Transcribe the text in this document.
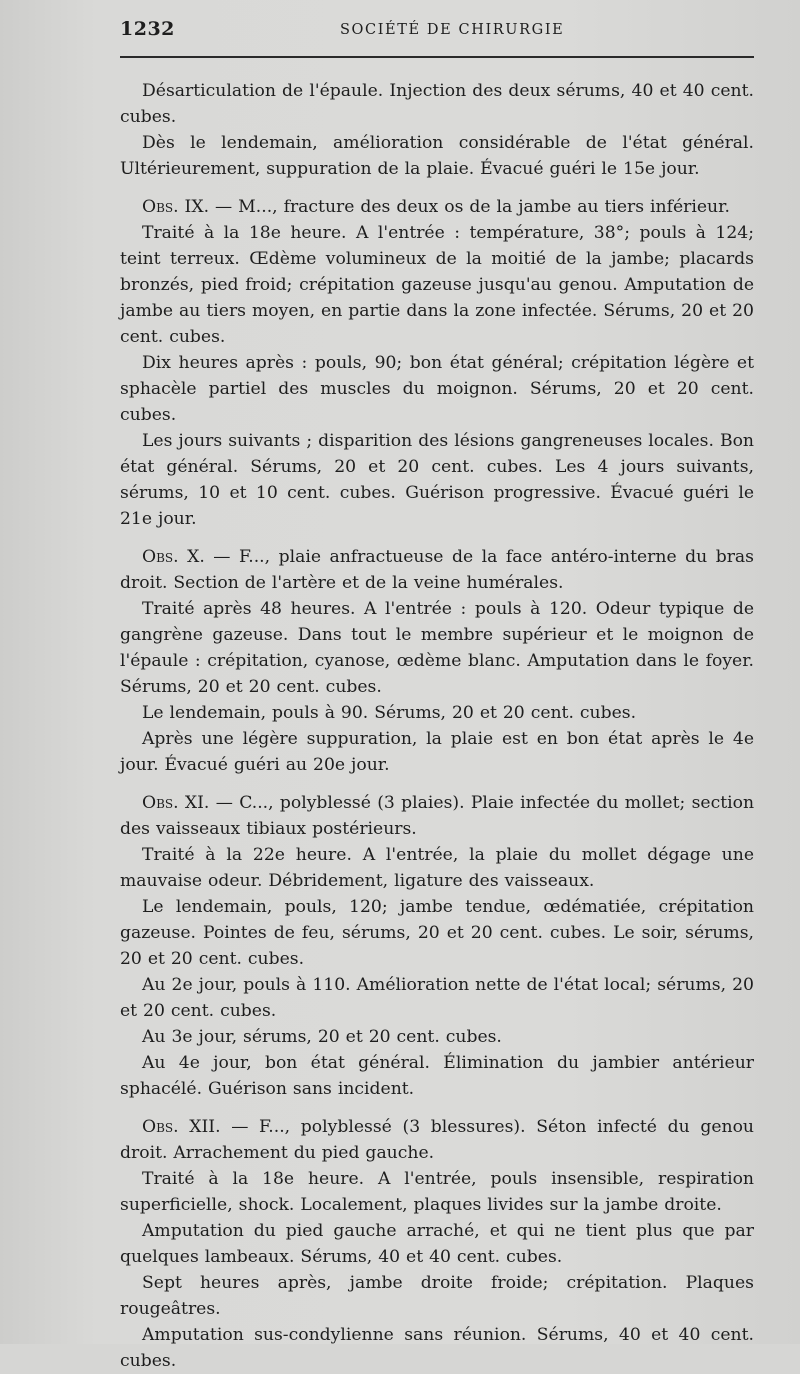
1232	SOCIÉTÉ DE CHIRURGIE

Désarticulation de l'épaule. Injection des deux sérums, 40 et 40 cent. cubes.

Dès le lendemain, amélioration considérable de l'état général. Ultérieurement, suppuration de la plaie. Évacué guéri le 15e jour.

Obs. IX. — M..., fracture des deux os de la jambe au tiers inférieur.

Traité à la 18e heure. A l'entrée : température, 38°; pouls à 124; teint terreux. Œdème volumineux de la moitié de la jambe; placards bronzés, pied froid; crépitation gazeuse jusqu'au genou. Amputation de jambe au tiers moyen, en partie dans la zone infectée. Sérums, 20 et 20 cent. cubes.

Dix heures après : pouls, 90; bon état général; crépitation légère et sphacèle partiel des muscles du moignon. Sérums, 20 et 20 cent. cubes.

Les jours suivants ; disparition des lésions gangreneuses locales. Bon état général. Sérums, 20 et 20 cent. cubes. Les 4 jours suivants, sérums, 10 et 10 cent. cubes. Guérison progressive. Évacué guéri le 21e jour.

Obs. X. — F..., plaie anfractueuse de la face antéro-interne du bras droit. Section de l'artère et de la veine humérales.

Traité après 48 heures. A l'entrée : pouls à 120. Odeur typique de gangrène gazeuse. Dans tout le membre supérieur et le moignon de l'épaule : crépitation, cyanose, œdème blanc. Amputation dans le foyer. Sérums, 20 et 20 cent. cubes.

Le lendemain, pouls à 90. Sérums, 20 et 20 cent. cubes.

Après une légère suppuration, la plaie est en bon état après le 4e jour. Évacué guéri au 20e jour.

Obs. XI. — C..., polyblessé (3 plaies). Plaie infectée du mollet; section des vaisseaux tibiaux postérieurs.

Traité à la 22e heure. A l'entrée, la plaie du mollet dégage une mauvaise odeur. Débridement, ligature des vaisseaux.

Le lendemain, pouls, 120; jambe tendue, œdématiée, crépitation gazeuse. Pointes de feu, sérums, 20 et 20 cent. cubes. Le soir, sérums, 20 et 20 cent. cubes.

Au 2e jour, pouls à 110. Amélioration nette de l'état local; sérums, 20 et 20 cent. cubes.

Au 3e jour, sérums, 20 et 20 cent. cubes.

Au 4e jour, bon état général. Élimination du jambier antérieur sphacélé. Guérison sans incident.

Obs. XII. — F..., polyblessé (3 blessures). Séton infecté du genou droit. Arrachement du pied gauche.

Traité à la 18e heure. A l'entrée, pouls insensible, respiration superficielle, shock. Localement, plaques livides sur la jambe droite.

Amputation du pied gauche arraché, et qui ne tient plus que par quelques lambeaux. Sérums, 40 et 40 cent. cubes.

Sept heures après, jambe droite froide; crépitation. Plaques rougeâtres.

Amputation sus-condylienne sans réunion. Sérums, 40 et 40 cent. cubes.
